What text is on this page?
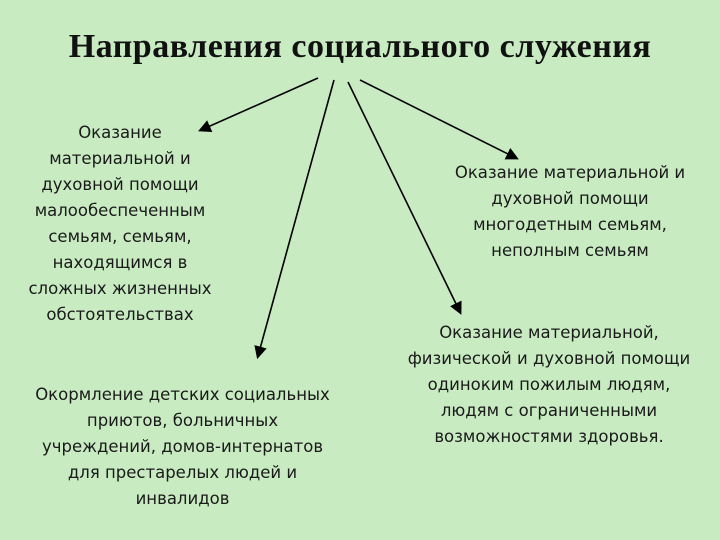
Направления социального служения
Оказание
материальной и
духовной помощи
малообеспеченным
семьям, семьям,
находящимся в
сложных жизненных
обстоятельствах
Оказание материальной и
духовной помощи
многодетным семьям,
неполным семьям
Оказание материальной,
физической и духовной помощи
одиноким пожилым людям,
людям с ограниченными
возможностями здоровья.
Окормление детских социальных
приютов, больничных
учреждений, домов-интернатов
для престарелых людей и
инвалидов
